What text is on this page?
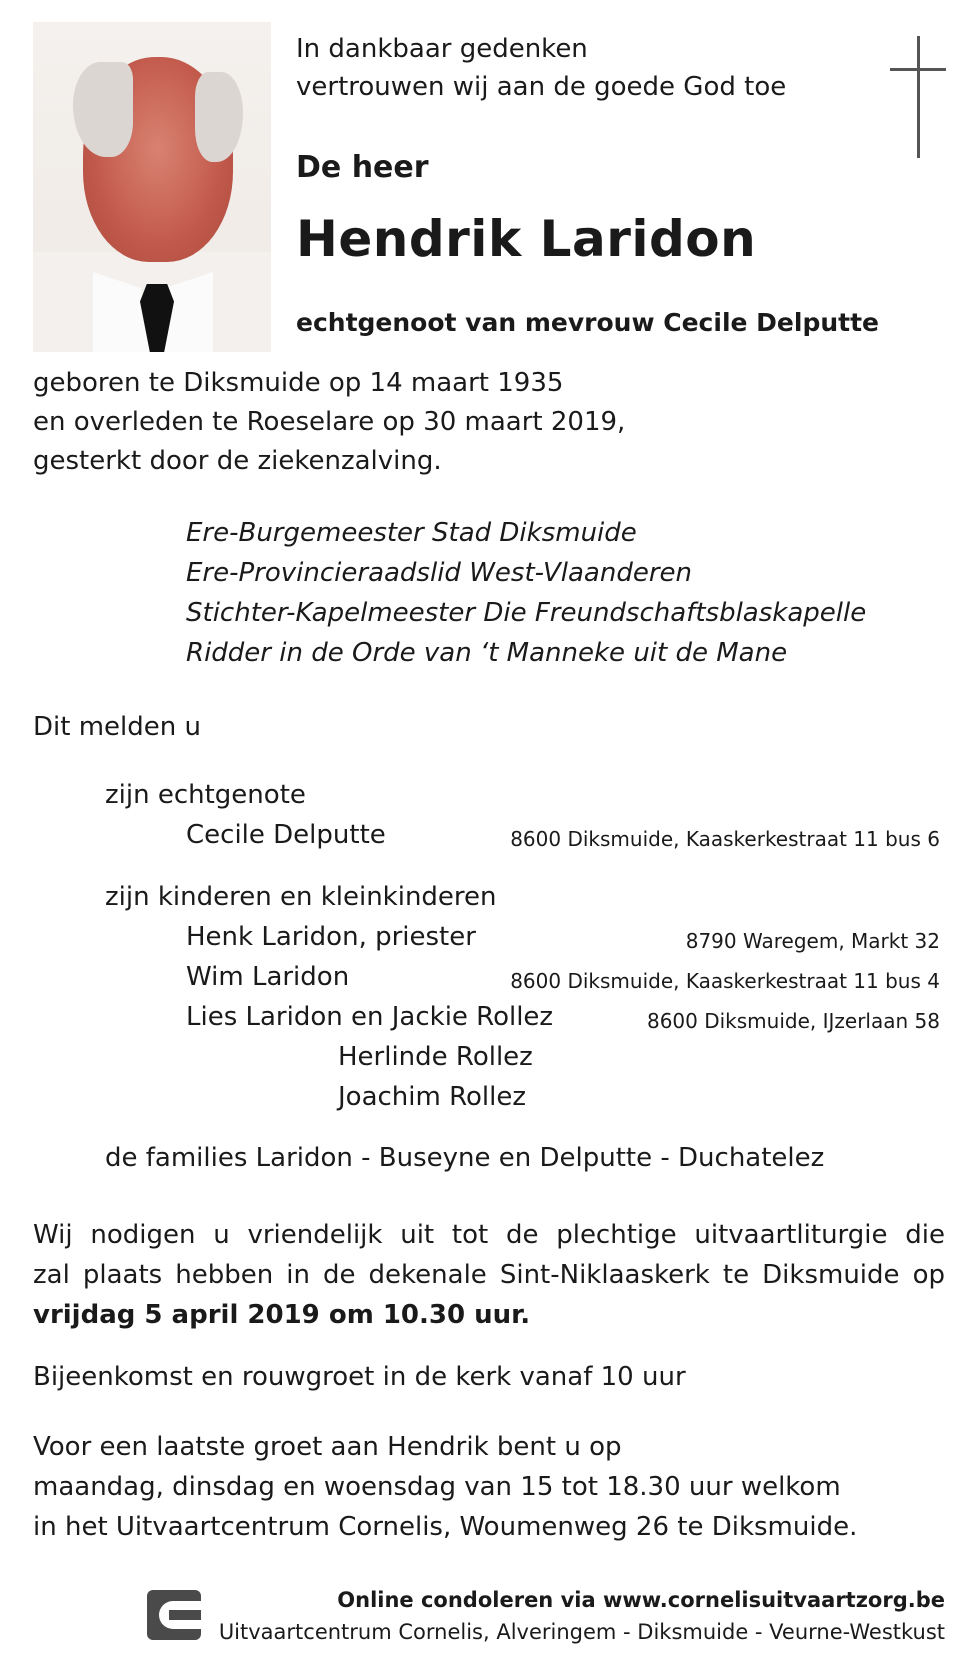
In dankbaar gedenken
vertrouwen wij aan de goede God toe
De heer
Hendrik Laridon
echtgenoot van mevrouw Cecile Delputte
geboren te Diksmuide op 14 maart 1935
en overleden te Roeselare op 30 maart 2019,
gesterkt door de ziekenzalving.
Ere-Burgemeester Stad Diksmuide
Ere-Provincieraadslid West-Vlaanderen
Stichter-Kapelmeester Die Freundschaftsblaskapelle
Ridder in de Orde van ‘t Manneke uit de Mane
Dit melden u
zijn echtgenote
Cecile Delputte	8600 Diksmuide, Kaaskerkestraat 11 bus 6
zijn kinderen en kleinkinderen
Henk Laridon, priester	8790 Waregem, Markt 32
Wim Laridon	8600 Diksmuide, Kaaskerkestraat 11 bus 4
Lies Laridon en Jackie Rollez	8600 Diksmuide, IJzerlaan 58
Herlinde Rollez
Joachim Rollez
de families Laridon - Buseyne en Delputte - Duchatelez
Wij nodigen u vriendelijk uit tot de plechtige uitvaartliturgie die
zal plaats hebben in de dekenale Sint-Niklaaskerk te Diksmuide op
vrijdag 5 april 2019 om 10.30 uur.
Bijeenkomst en rouwgroet in de kerk vanaf 10 uur
Voor een laatste groet aan Hendrik bent u op
maandag, dinsdag en woensdag van 15 tot 18.30 uur welkom
in het Uitvaartcentrum Cornelis, Woumenweg 26 te Diksmuide.
Online condoleren via www.cornelisuitvaartzorg.be
Uitvaartcentrum Cornelis, Alveringem - Diksmuide - Veurne-Westkust
